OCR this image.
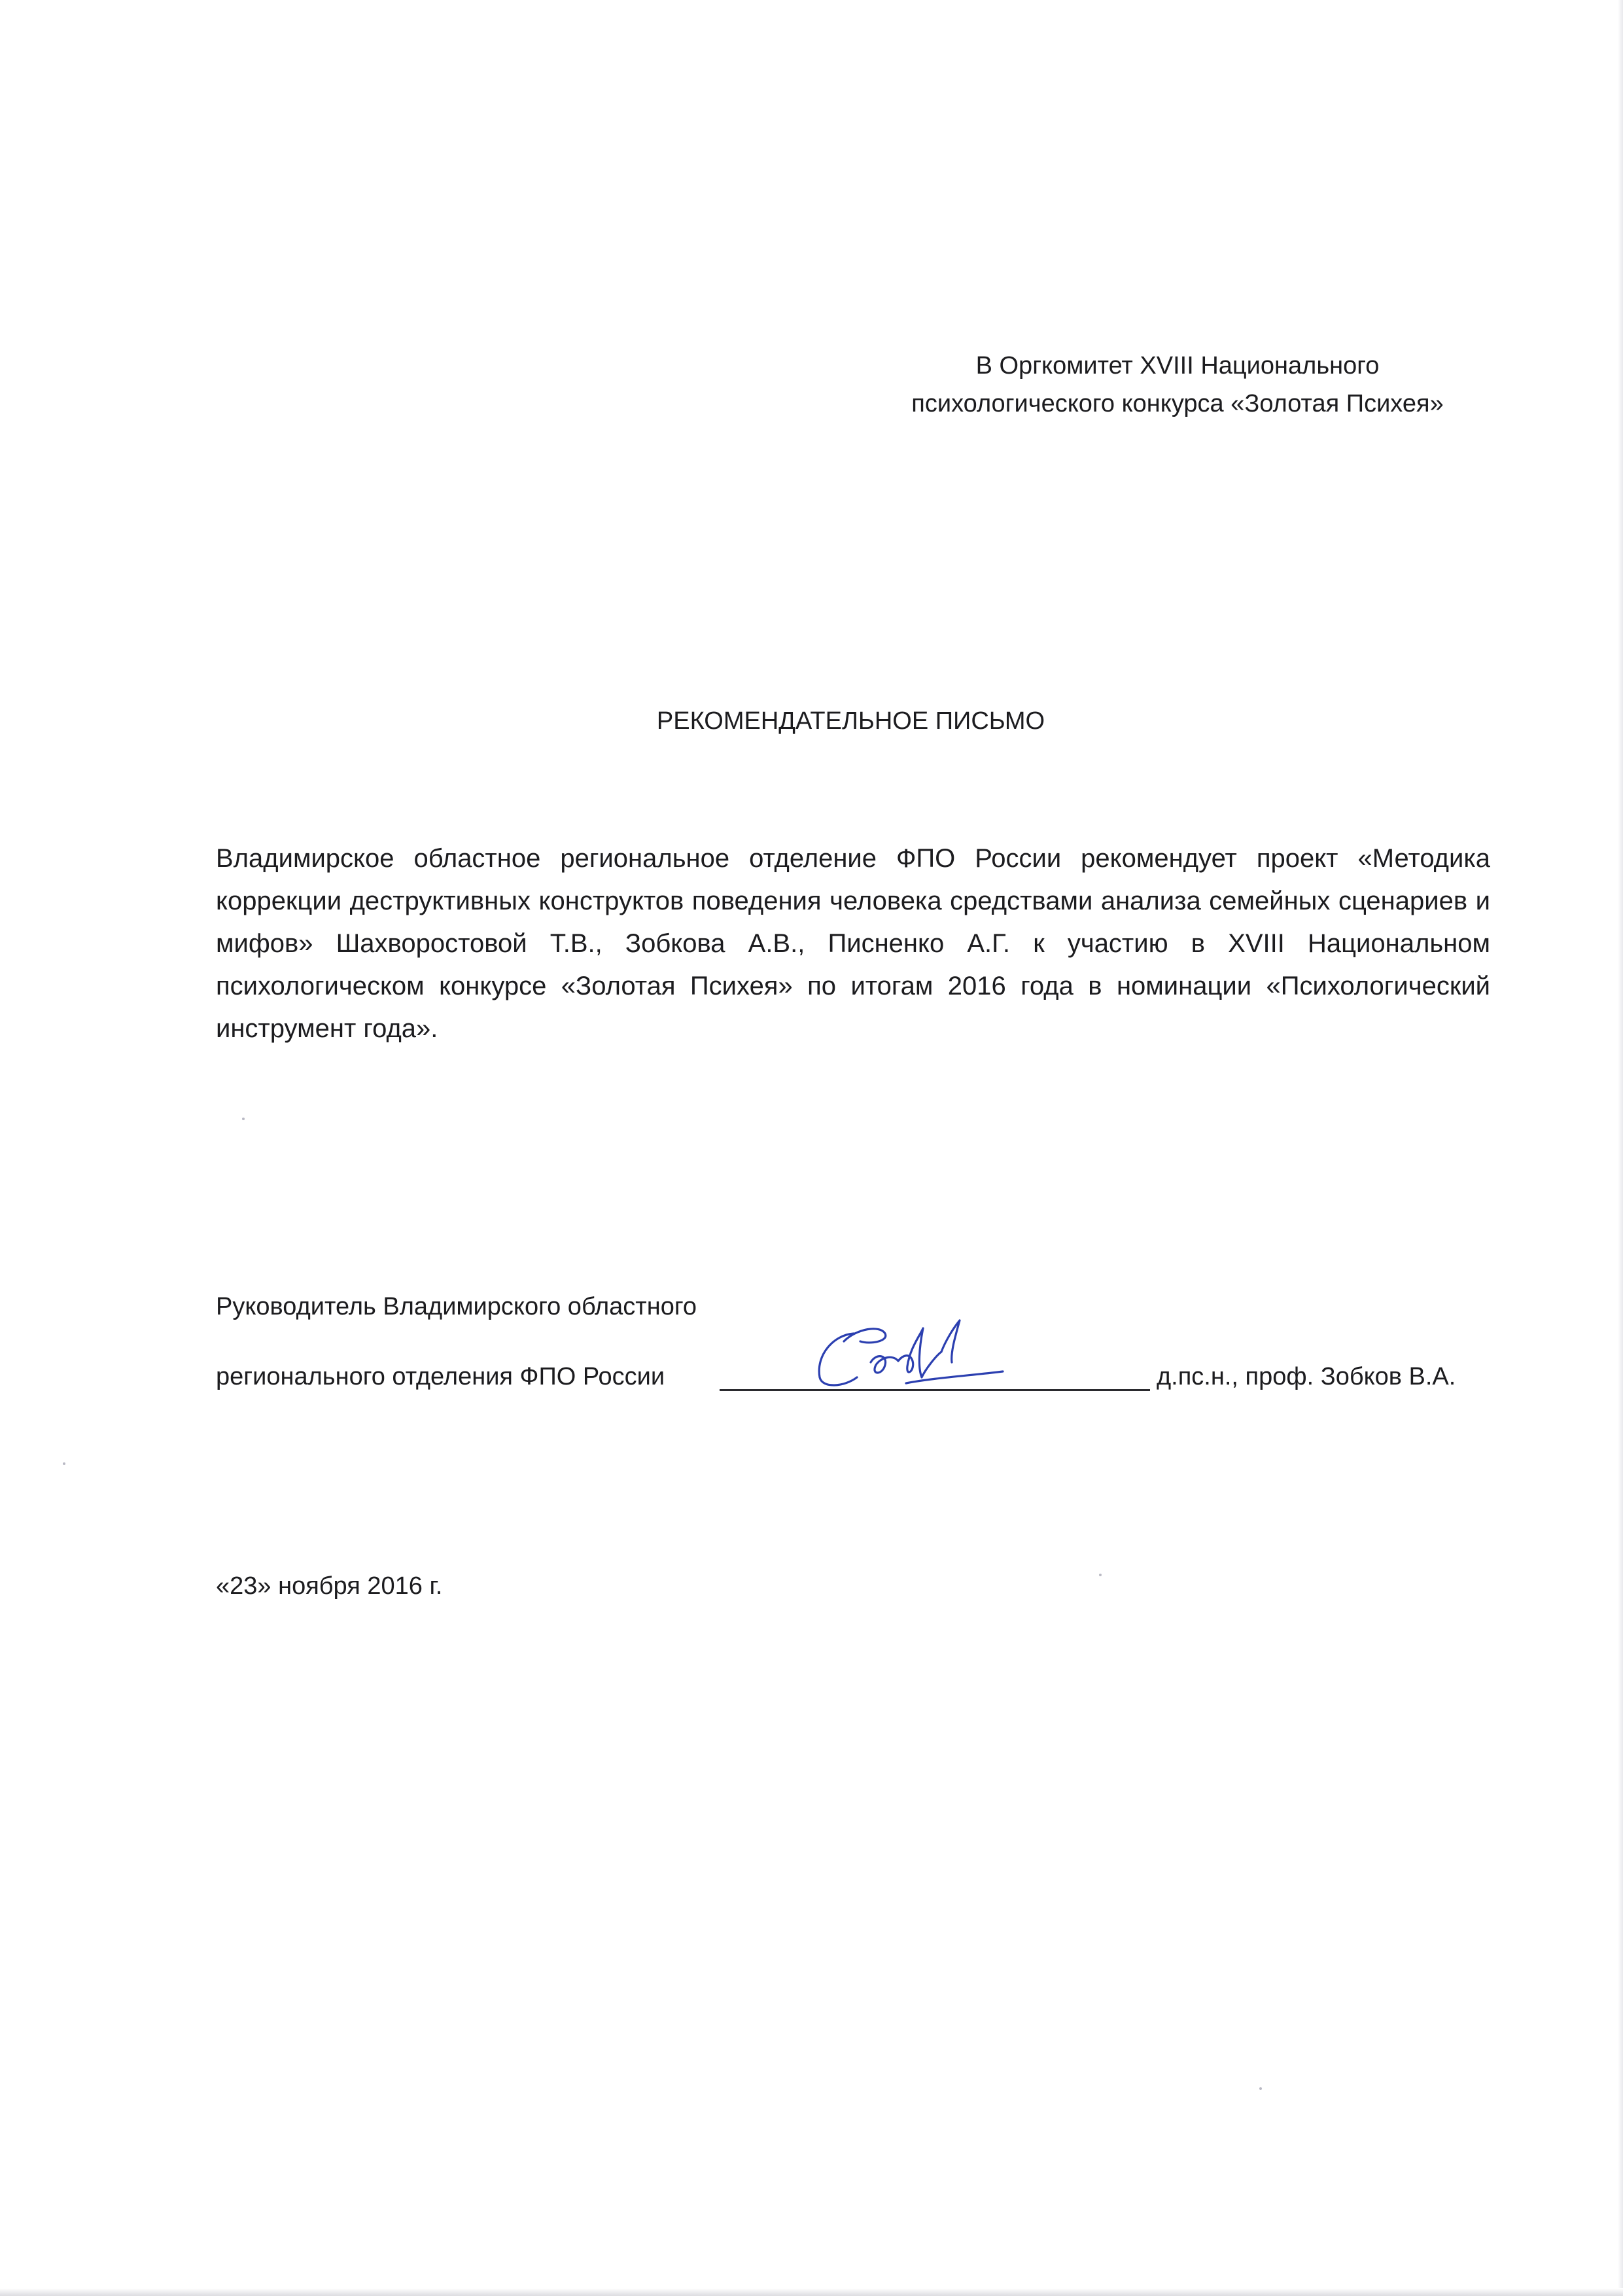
В Оргкомитет XVIII Национального
психологического конкурса «Золотая Психея»
РЕКОМЕНДАТЕЛЬНОЕ ПИСЬМО
Владимирское областное региональное отделение ФПО России рекомендует проект «Методика коррекции деструктивных конструктов поведения человека средствами анализа семейных сценариев и мифов» Шахворостовой Т.В., Зобкова А.В., Писненко А.Г. к участию в XVIII Национальном психологическом конкурсе «Золотая Психея» по итогам 2016 года в номинации «Психологический инструмент года».
Руководитель Владимирского областного
регионального отделения ФПО России	д.пс.н., проф. Зобков В.А.
«23» ноября 2016 г.
